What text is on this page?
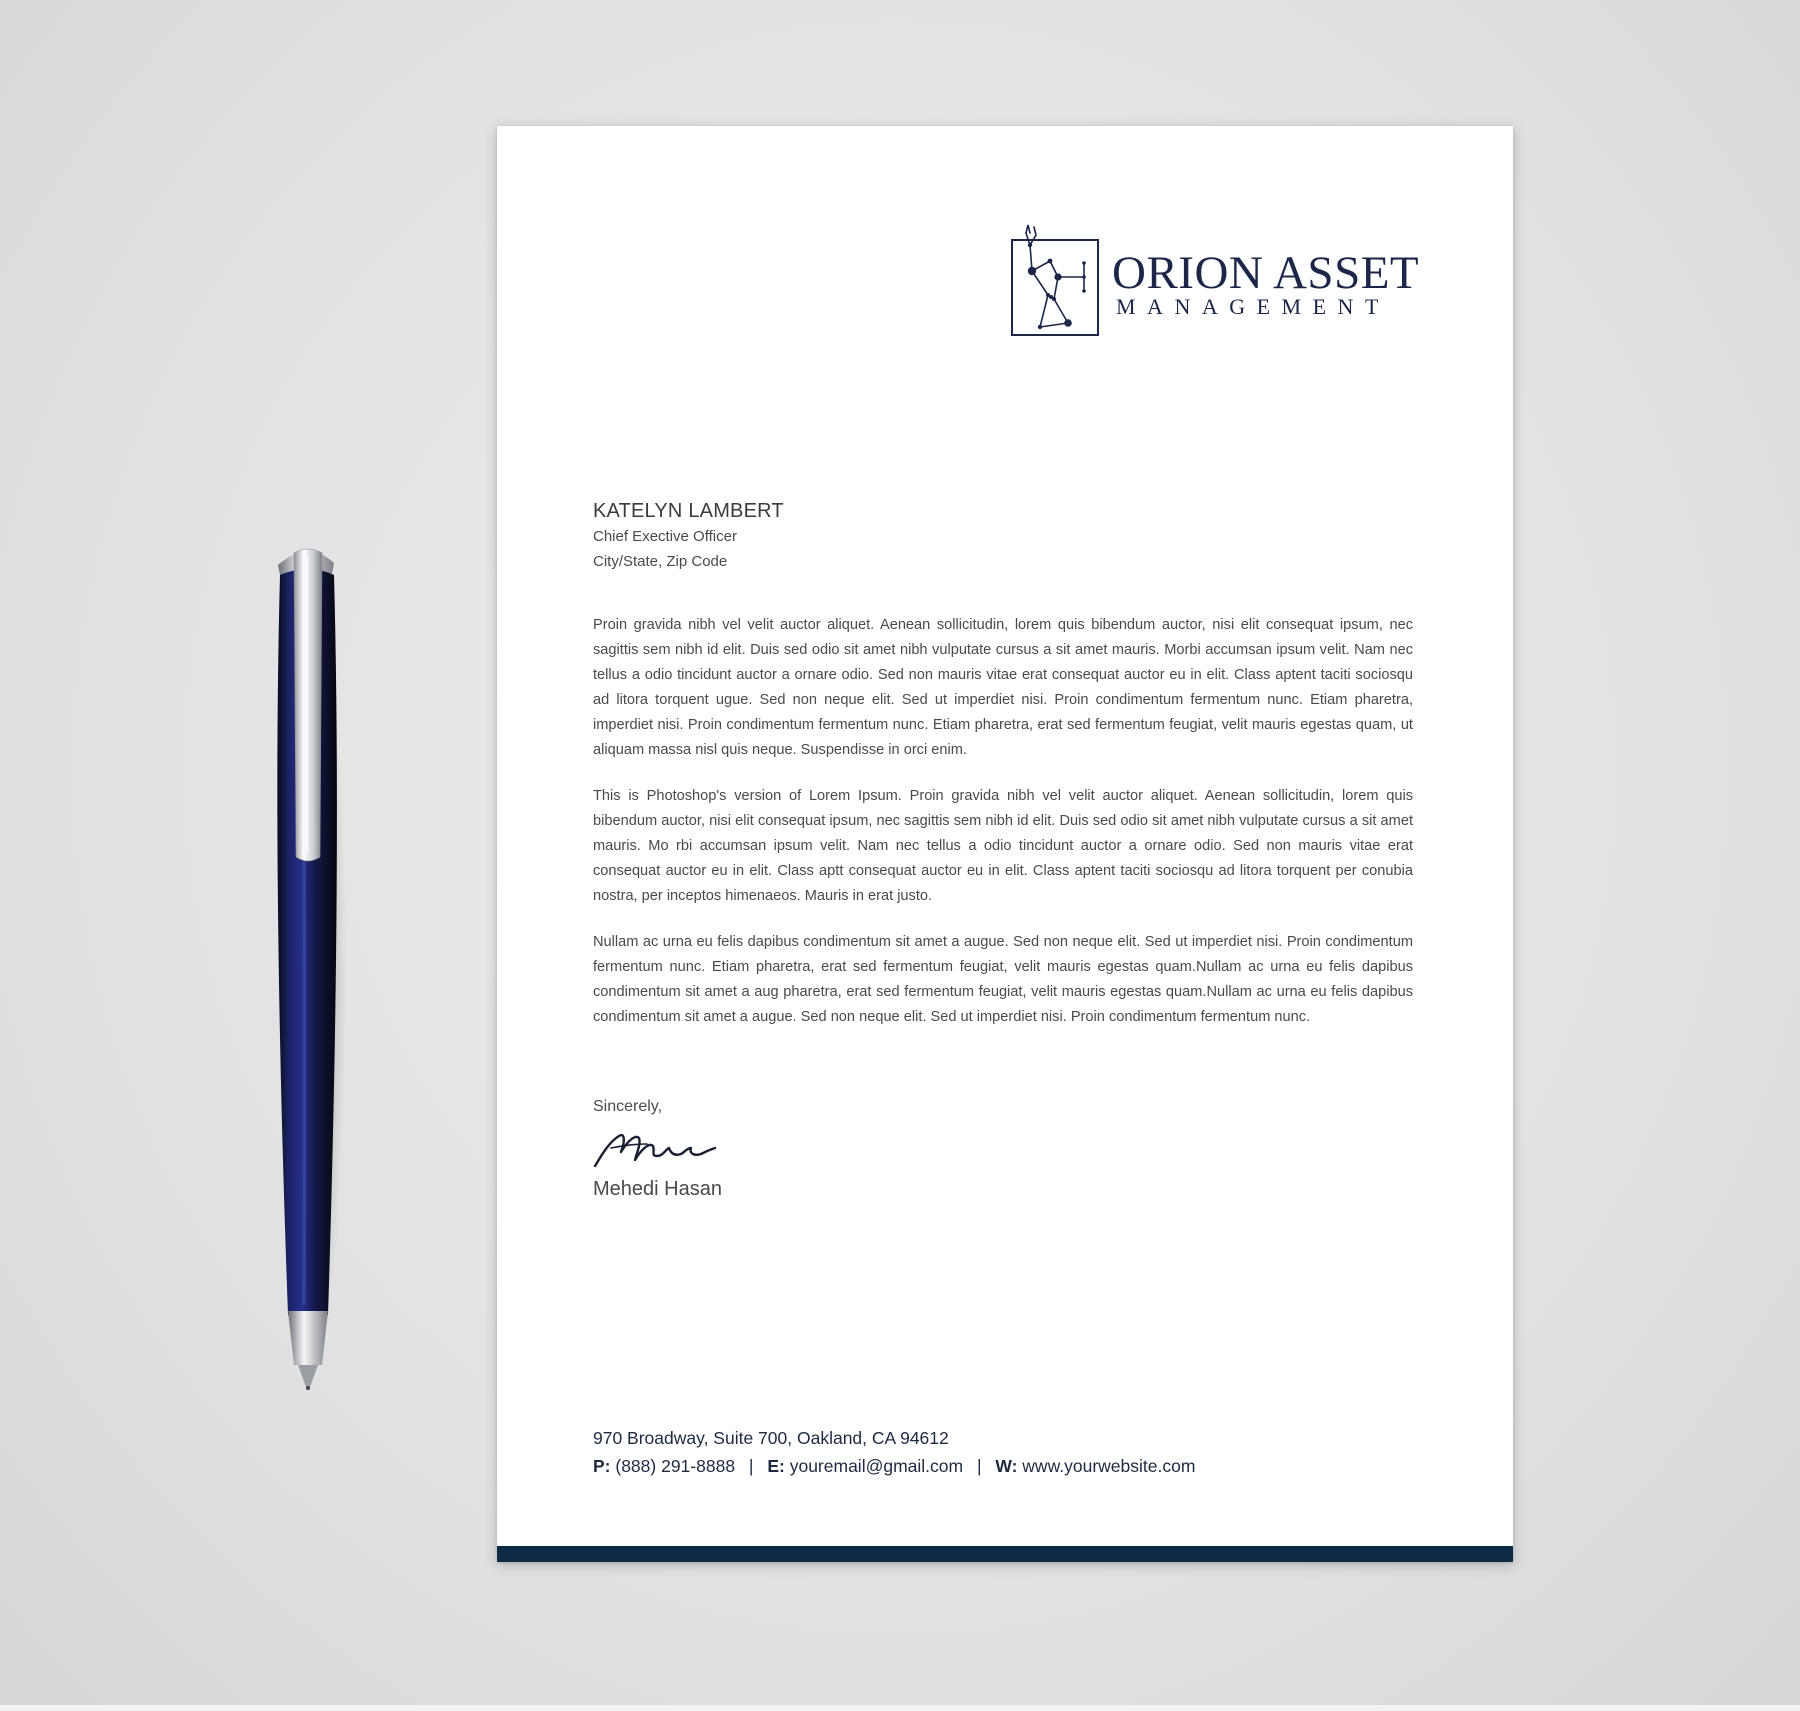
ORION ASSET
MANAGEMENT
KATELYN LAMBERT
Chief Exective Officer
City/State, Zip Code

Proin gravida nibh vel velit auctor aliquet. Aenean sollicitudin, lorem quis bibendum auctor, nisi elit consequat ipsum, nec sagittis sem nibh id elit. Duis sed odio sit amet nibh vulputate cursus a sit amet mauris. Morbi accumsan ipsum velit. Nam nec tellus a odio tincidunt auctor a ornare odio. Sed non mauris vitae erat consequat auctor eu in elit. Class aptent taciti sociosqu ad litora torquent ugue. Sed non neque elit. Sed ut imperdiet nisi. Proin condimentum fermentum nunc. Etiam pharetra, imperdiet nisi. Proin condimentum fermentum nunc. Etiam pharetra, erat sed fermentum feugiat, velit mauris egestas quam, ut aliquam massa nisl quis neque. Suspendisse in orci enim.

This is Photoshop's version of Lorem Ipsum. Proin gravida nibh vel velit auctor aliquet. Aenean sollicitudin, lorem quis bibendum auctor, nisi elit consequat ipsum, nec sagittis sem nibh id elit. Duis sed odio sit amet nibh vulputate cursus a sit amet mauris. Mo rbi accumsan ipsum velit. Nam nec tellus a odio tincidunt auctor a ornare odio. Sed non mauris vitae erat consequat auctor eu in elit. Class aptt consequat auctor eu in elit. Class aptent taciti sociosqu ad litora torquent per conubia nostra, per inceptos himenaeos. Mauris in erat justo.

Nullam ac urna eu felis dapibus condimentum sit amet a augue. Sed non neque elit. Sed ut imperdiet nisi. Proin condimentum fermentum nunc. Etiam pharetra, erat sed fermentum feugiat, velit mauris egestas quam.Nullam ac urna eu felis dapibus condimentum sit amet a aug pharetra, erat sed fermentum feugiat, velit mauris egestas quam.Nullam ac urna eu felis dapibus condimentum sit amet a augue. Sed non neque elit. Sed ut imperdiet nisi. Proin condimentum fermentum nunc.

Sincerely,
Mehedi Hasan
970 Broadway, Suite 700, Oakland, CA 94612
P: (888) 291-8888 | E: youremail@gmail.com | W: www.yourwebsite.com
